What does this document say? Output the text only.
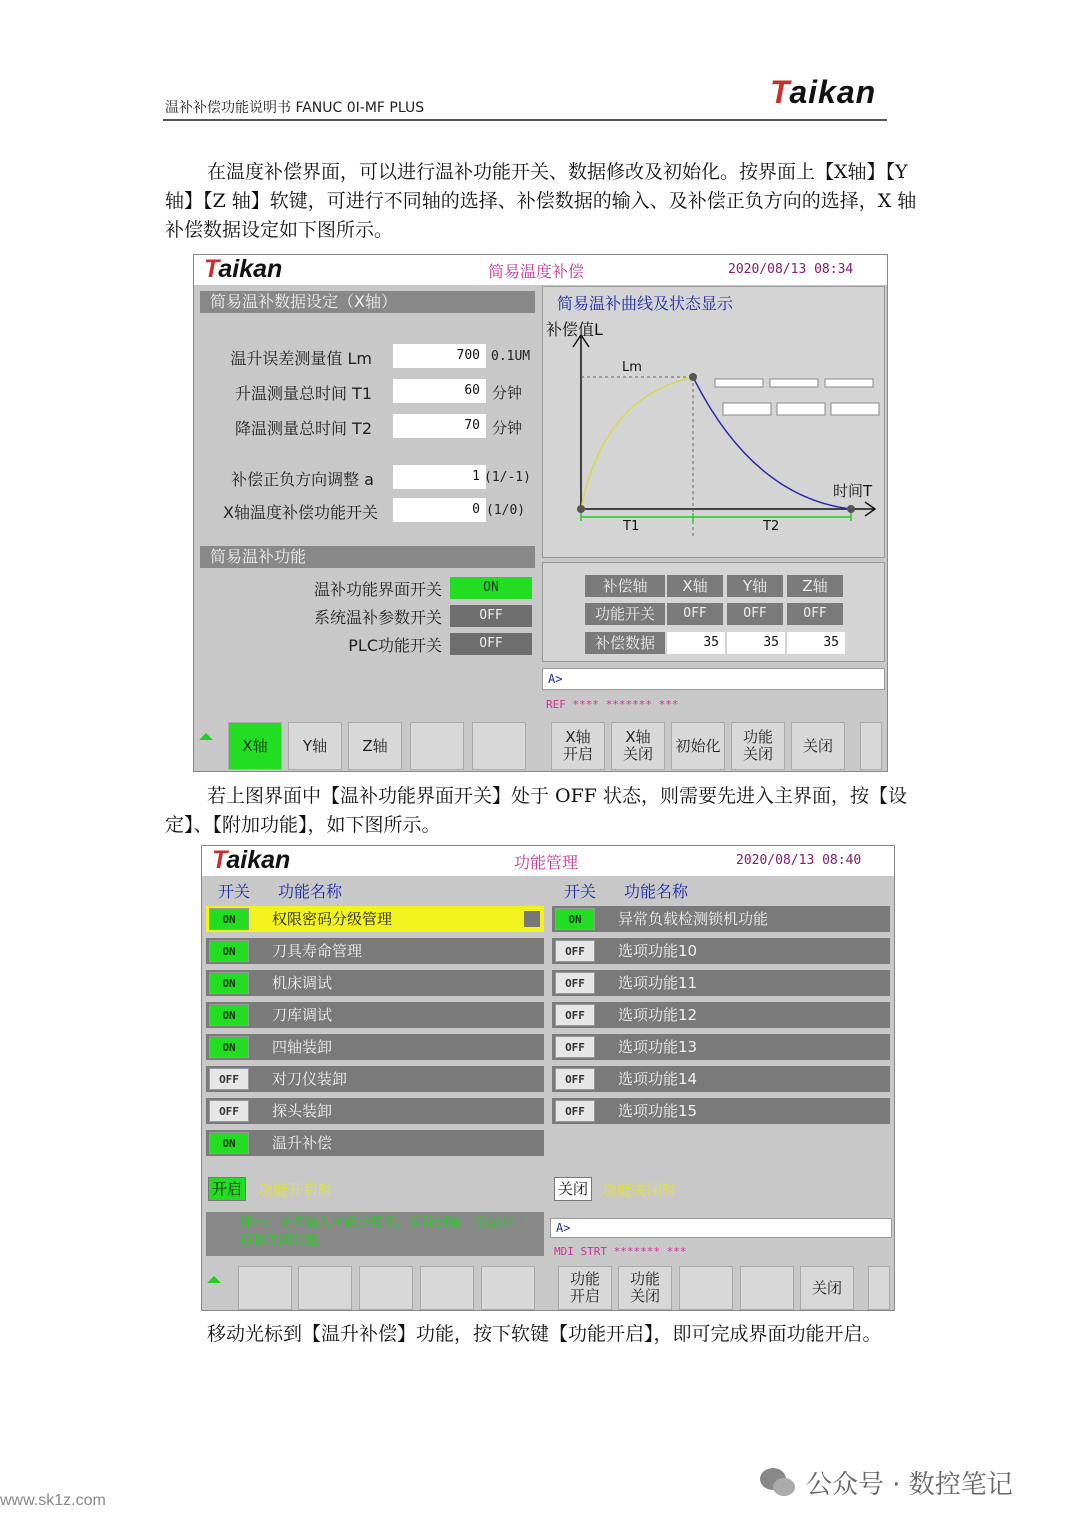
温补补偿功能说明书 FANUC 0I-MF PLUS	Taikan
在温度补偿界面，可以进行温补功能开关、数据修改及初始化。按界面上【X轴】【Y 轴】【Z 轴】软键，可进行不同轴的选择、补偿数据的输入、及补偿正负方向的选择，X 轴补偿数据设定如下图所示。
Taikan	简易温度补偿	2020/08/13 08:34
简易温补数据设定（X轴）
温升误差测量值 Lm	700 0.1UM
升温测量总时间 T1	60 分钟
降温测量总时间 T2	70 分钟
补偿正负方向调整 a	1 (1/-1)
X轴温度补偿功能开关	0 (1/0)
简易温补功能
温补功能界面开关	ON
系统温补参数开关	OFF
PLC功能开关	OFF
简易温补曲线及状态显示
补偿值L
时间T
Lm
T1	T2
补偿轴	X轴	Y轴	Z轴
功能开关	OFF	OFF	OFF
补偿数据	35	35	35
A>
REF **** ******* ***
X轴	Y轴	Z轴	X轴
开启
X轴
关闭	初始化	功能
关闭	关闭
若上图界面中【温补功能界面开关】处于 OFF 状态，则需要先进入主界面，按【设定】、【附加功能】，如下图所示。
Taikan	功能管理	2020/08/13 08:40
开关 功能名称	开关 功能名称
ON	权限密码分级管理
ON	刀具寿命管理
ON	机床调试
ON	刀库调试
ON	四轴装卸
OFF	对刀仪装卸
OFF	探头装卸
ON	温升补偿
ON	异常负载检测锁机功能
OFF	选项功能10
OFF	选项功能11
OFF	选项功能12
OFF	选项功能13
OFF	选项功能14
OFF	选项功能15
开启 功能开启时	关闭 功能关闭时
提示：请先输入密码后操作，返回到第一页面时开启和关闭功能。
A>
MDI STRT ******* ***
功能
开启
功能
关闭	关闭
移动光标到【温升补偿】功能，按下软键【功能开启】，即可完成界面功能开启。
公众号 · 数控笔记
www.sk1z.com
